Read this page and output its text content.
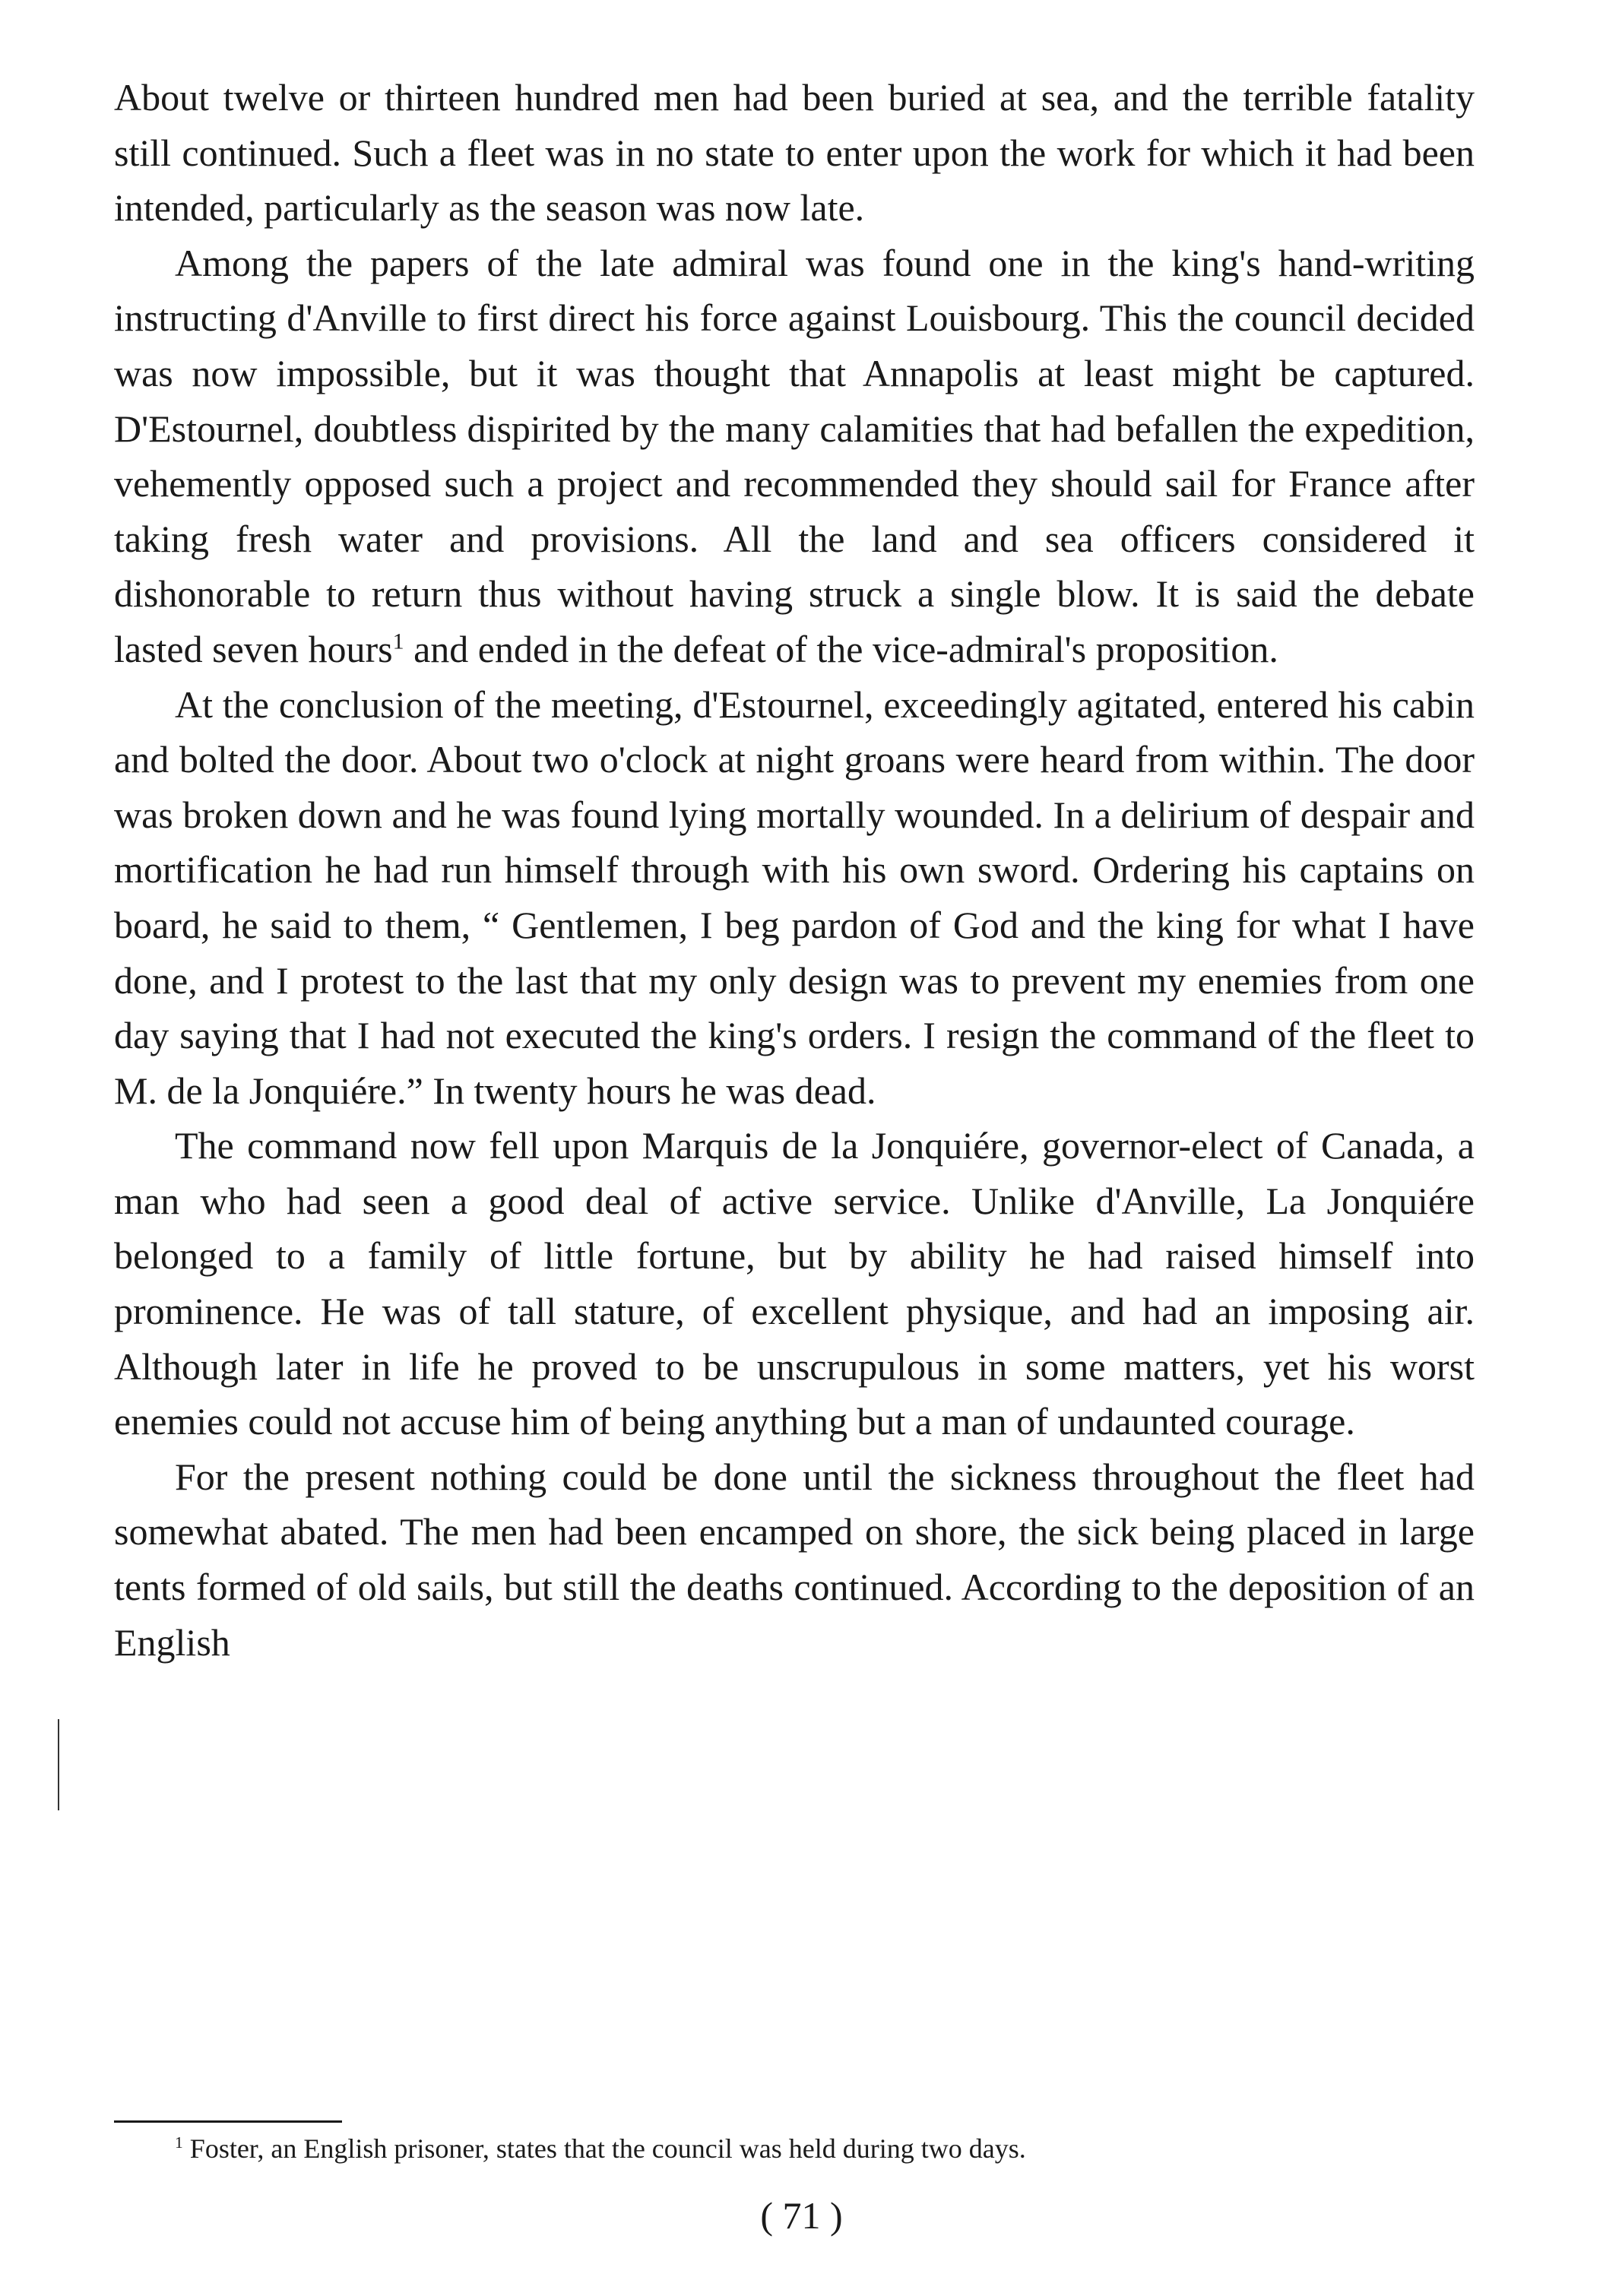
About twelve or thirteen hundred men had been buried at sea, and the terrible fatality still continued. Such a fleet was in no state to enter upon the work for which it had been intended, particularly as the season was now late.

Among the papers of the late admiral was found one in the king's hand-writing instructing d'Anville to first direct his force against Louisbourg. This the council decided was now impossible, but it was thought that Annapolis at least might be captured. D'Estournel, doubtless dispirited by the many calamities that had befallen the expedition, vehemently opposed such a project and recommended they should sail for France after taking fresh water and provisions. All the land and sea officers considered it dishonorable to return thus without having struck a single blow. It is said the debate lasted seven hours$^1$ and ended in the defeat of the vice-admiral's proposition.

At the conclusion of the meeting, d'Estournel, exceedingly agitated, entered his cabin and bolted the door. About two o'clock at night groans were heard from within. The door was broken down and he was found lying mortally wounded. In a delirium of despair and mortification he had run himself through with his own sword. Ordering his captains on board, he said to them, “ Gentlemen, I beg pardon of God and the king for what I have done, and I protest to the last that my only design was to prevent my enemies from one day saying that I had not executed the king's orders. I resign the command of the fleet to M. de la Jonquiére.” In twenty hours he was dead.

The command now fell upon Marquis de la Jonquiére, governor-elect of Canada, a man who had seen a good deal of active service. Unlike d'Anville, La Jonquiére belonged to a family of little fortune, but by ability he had raised himself into prominence. He was of tall stature, of excellent physique, and had an imposing air. Although later in life he proved to be unscrupulous in some matters, yet his worst enemies could not accuse him of being anything but a man of undaunted courage.

For the present nothing could be done until the sickness throughout the fleet had somewhat abated. The men had been encamped on shore, the sick being placed in large tents formed of old sails, but still the deaths continued. According to the deposition of an English

$^1$ Foster, an English prisoner, states that the council was held during two days.
( 71 )
